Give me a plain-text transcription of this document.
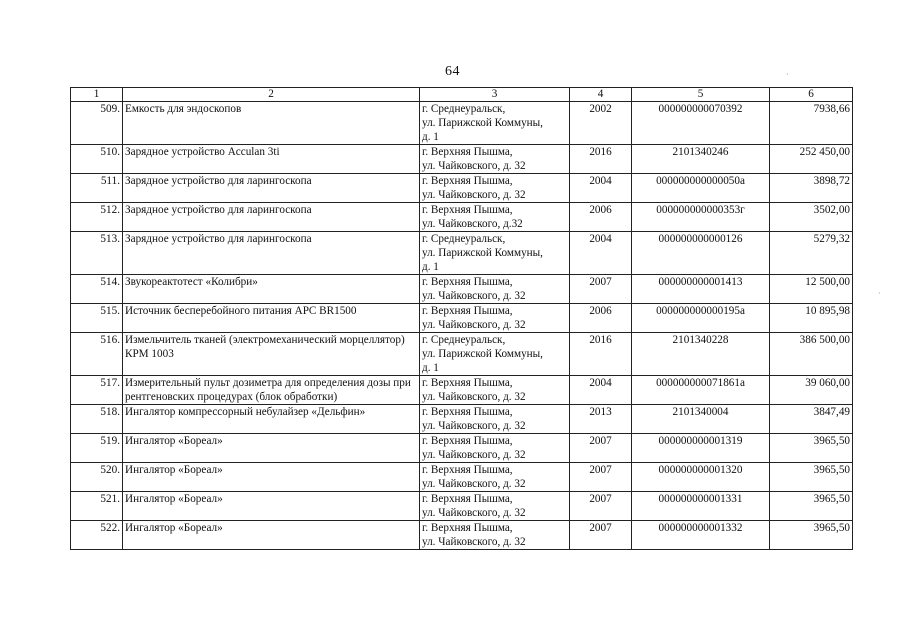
64
1	2	3	4	5	6
509.	Емкость для эндоскопов	г. Среднеуральск,
ул. Парижской Коммуны,
д. 1	2002	000000000070392	7938,66
510.	Зарядное устройство Acculan 3ti	г. Верхняя Пышма,
ул. Чайковского, д. 32	2016	2101340246	252 450,00
511.	Зарядное устройство для ларингоскопа	г. Верхняя Пышма,
ул. Чайковского, д. 32	2004	000000000000050а	3898,72
512.	Зарядное устройство для ларингоскопа	г. Верхняя Пышма,
ул. Чайковского, д.32	2006	000000000000353г	3502,00
513.	Зарядное устройство для ларингоскопа	г. Среднеуральск,
ул. Парижской Коммуны,
д. 1	2004	000000000000126	5279,32
514.	Звукореактотест «Колибри»	г. Верхняя Пышма,
ул. Чайковского, д. 32	2007	000000000001413	12 500,00
515.	Источник бесперебойного питания APC BR1500	г. Верхняя Пышма,
ул. Чайковского, д. 32	2006	000000000000195а	10 895,98
516.	Измельчитель тканей (электромеханический морцеллятор) КРМ 1003	г. Среднеуральск,
ул. Парижской Коммуны,
д. 1	2016	2101340228	386 500,00
517.	Измерительный пульт дозиметра для определения дозы при рентгеновских процедурах (блок обработки)	г. Верхняя Пышма,
ул. Чайковского, д. 32	2004	000000000071861а	39 060,00
518.	Ингалятор компрессорный небулайзер «Дельфин»	г. Верхняя Пышма,
ул. Чайковского, д. 32	2013	2101340004	3847,49
519.	Ингалятор «Бореал»	г. Верхняя Пышма,
ул. Чайковского, д. 32	2007	000000000001319	3965,50
520.	Ингалятор «Бореал»	г. Верхняя Пышма,
ул. Чайковского, д. 32	2007	000000000001320	3965,50
521.	Ингалятор «Бореал»	г. Верхняя Пышма,
ул. Чайковского, д. 32	2007	000000000001331	3965,50
522.	Ингалятор «Бореал»	г. Верхняя Пышма,
ул. Чайковского, д. 32	2007	000000000001332	3965,50
·
·
